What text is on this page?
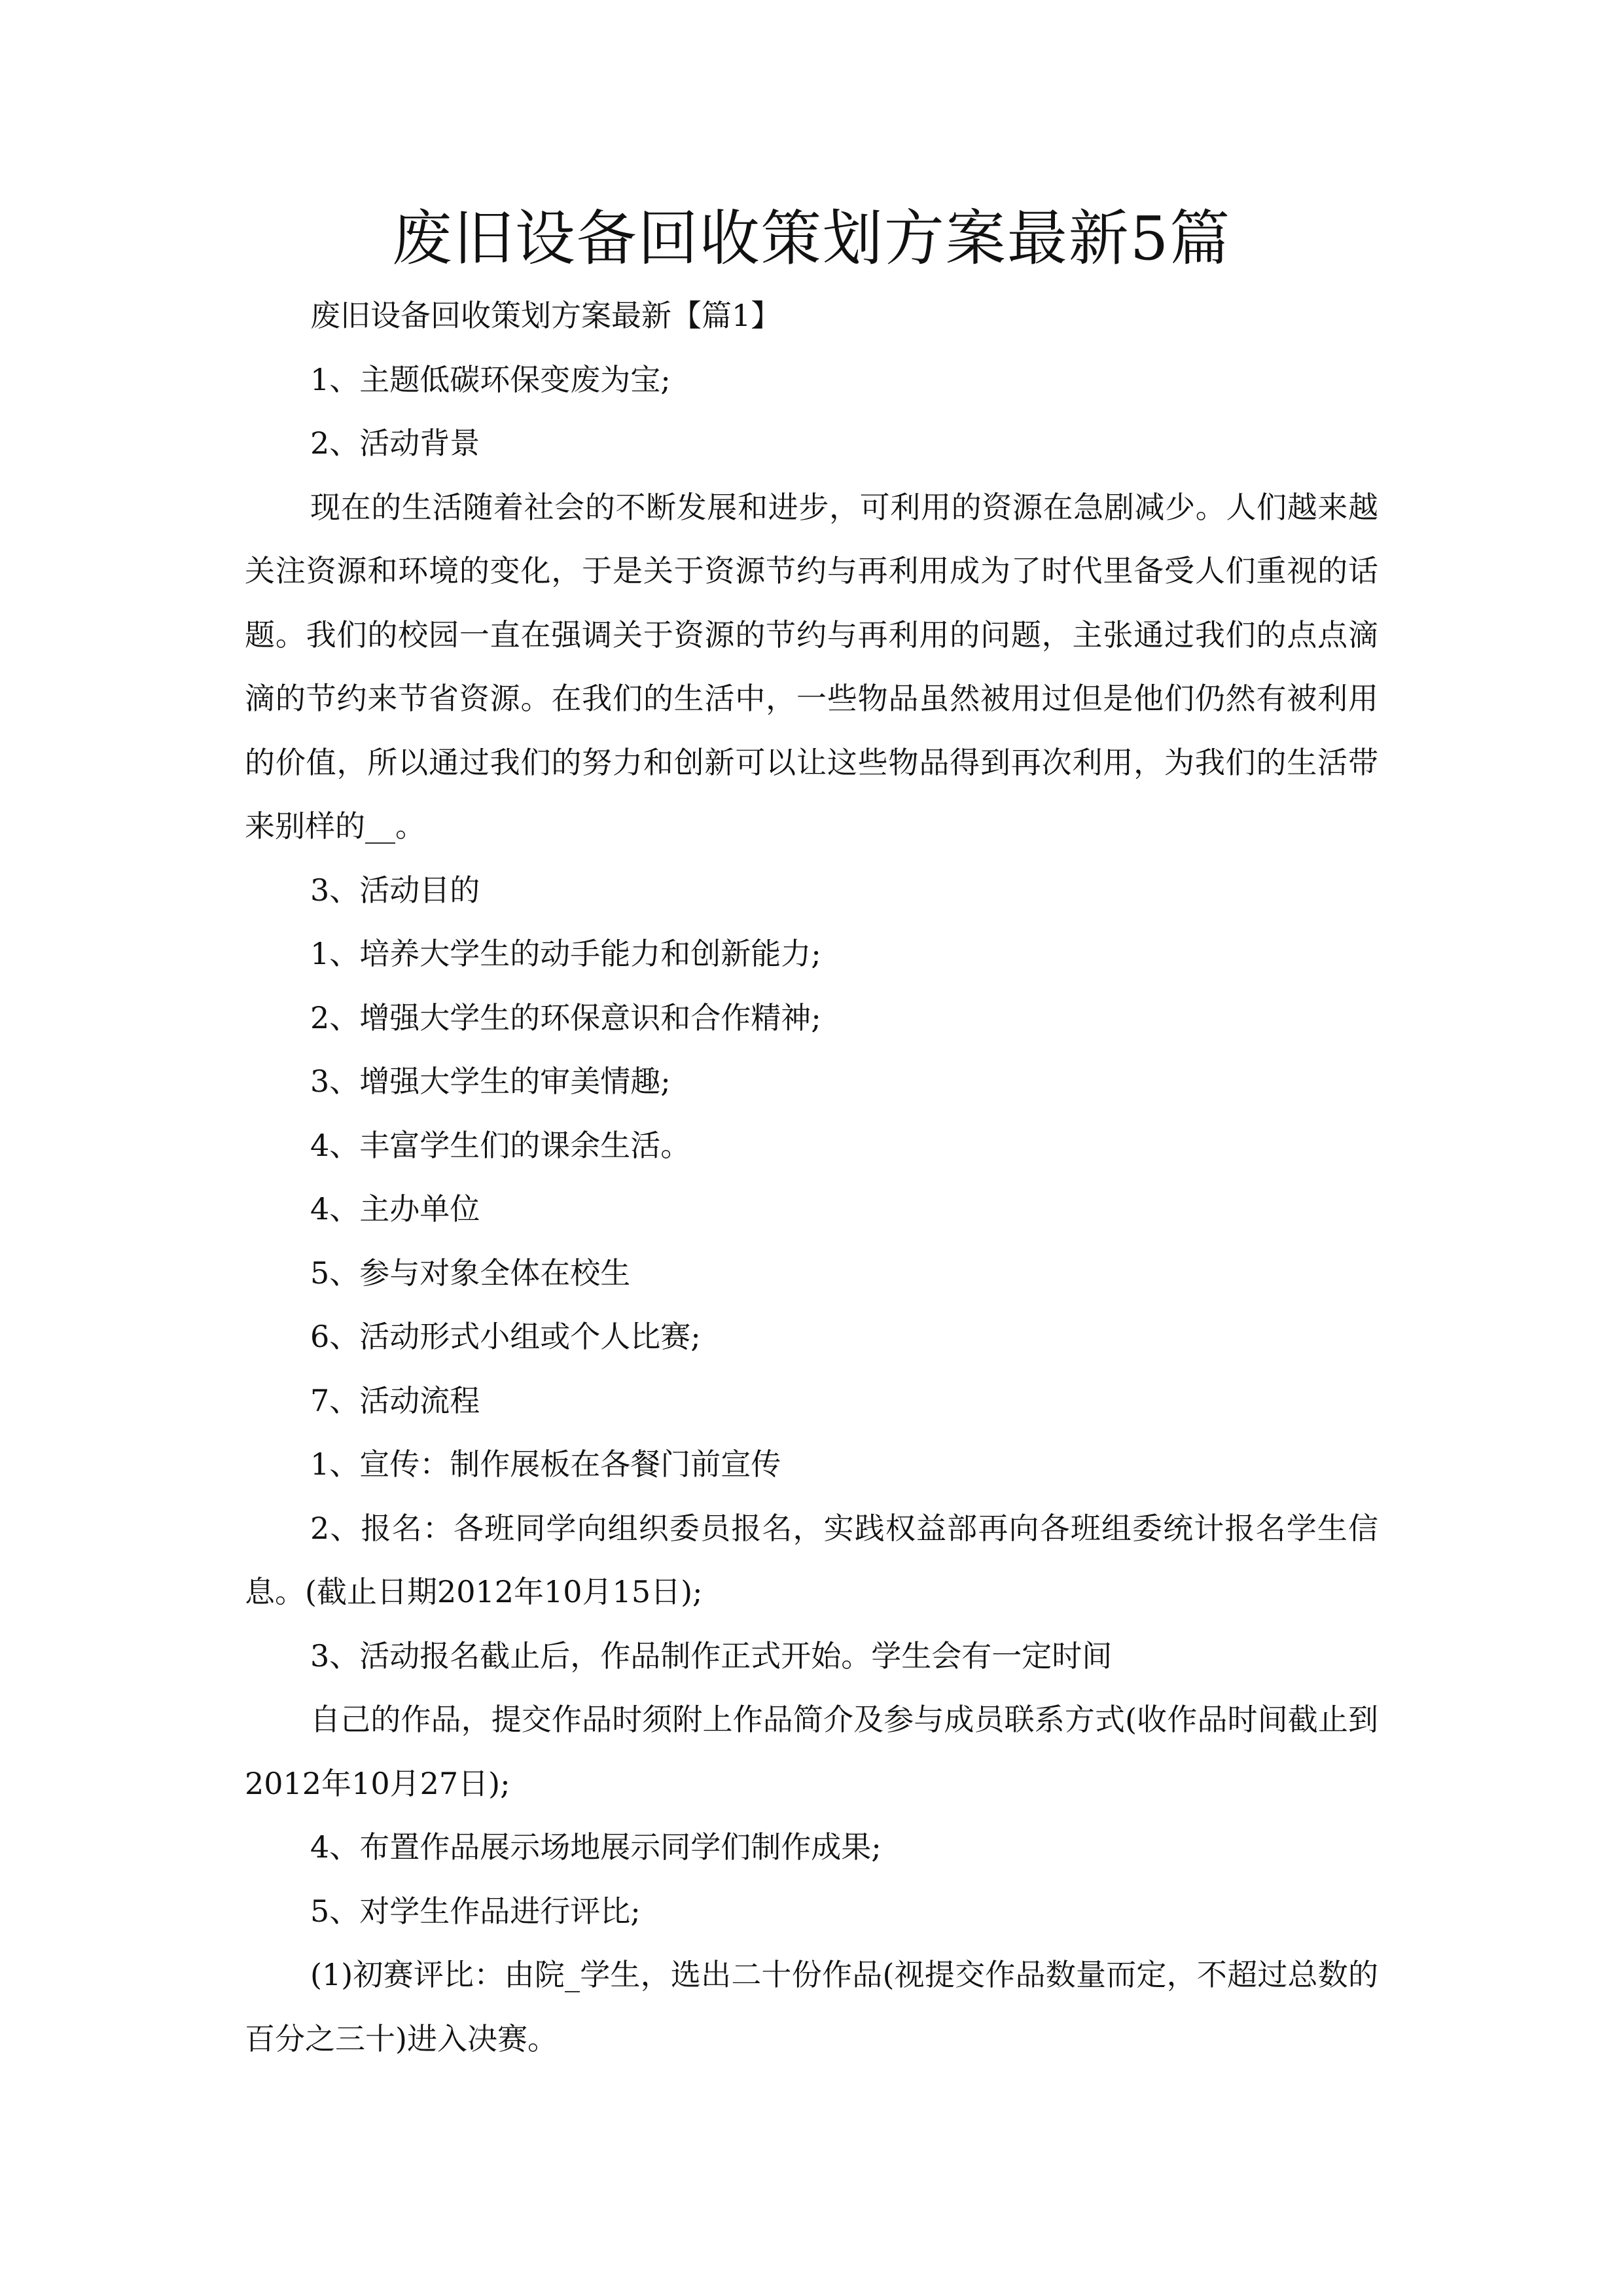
废旧设备回收策划方案最新5篇

废旧设备回收策划方案最新【篇1】

1、主题低碳环保变废为宝;

2、活动背景

现在的生活随着社会的不断发展和进步，可利用的资源在急剧减少。人们越来越关注资源和环境的变化，于是关于资源节约与再利用成为了时代里备受人们重视的话题。我们的校园一直在强调关于资源的节约与再利用的问题，主张通过我们的点点滴滴的节约来节省资源。在我们的生活中，一些物品虽然被用过但是他们仍然有被利用的价值，所以通过我们的努力和创新可以让这些物品得到再次利用，为我们的生活带来别样的__。

3、活动目的

1、培养大学生的动手能力和创新能力;

2、增强大学生的环保意识和合作精神;

3、增强大学生的审美情趣;

4、丰富学生们的课余生活。

4、主办单位

5、参与对象全体在校生

6、活动形式小组或个人比赛;

7、活动流程

1、宣传：制作展板在各餐门前宣传

2、报名：各班同学向组织委员报名，实践权益部再向各班组委统计报名学生信息。(截止日期2012年10月15日);

3、活动报名截止后，作品制作正式开始。学生会有一定时间

自己的作品，提交作品时须附上作品简介及参与成员联系方式(收作品时间截止到2012年10月27日);

4、布置作品展示场地展示同学们制作成果;

5、对学生作品进行评比;

(1)初赛评比：由院_学生，选出二十份作品(视提交作品数量而定，不超过总数的百分之三十)进入决赛。
